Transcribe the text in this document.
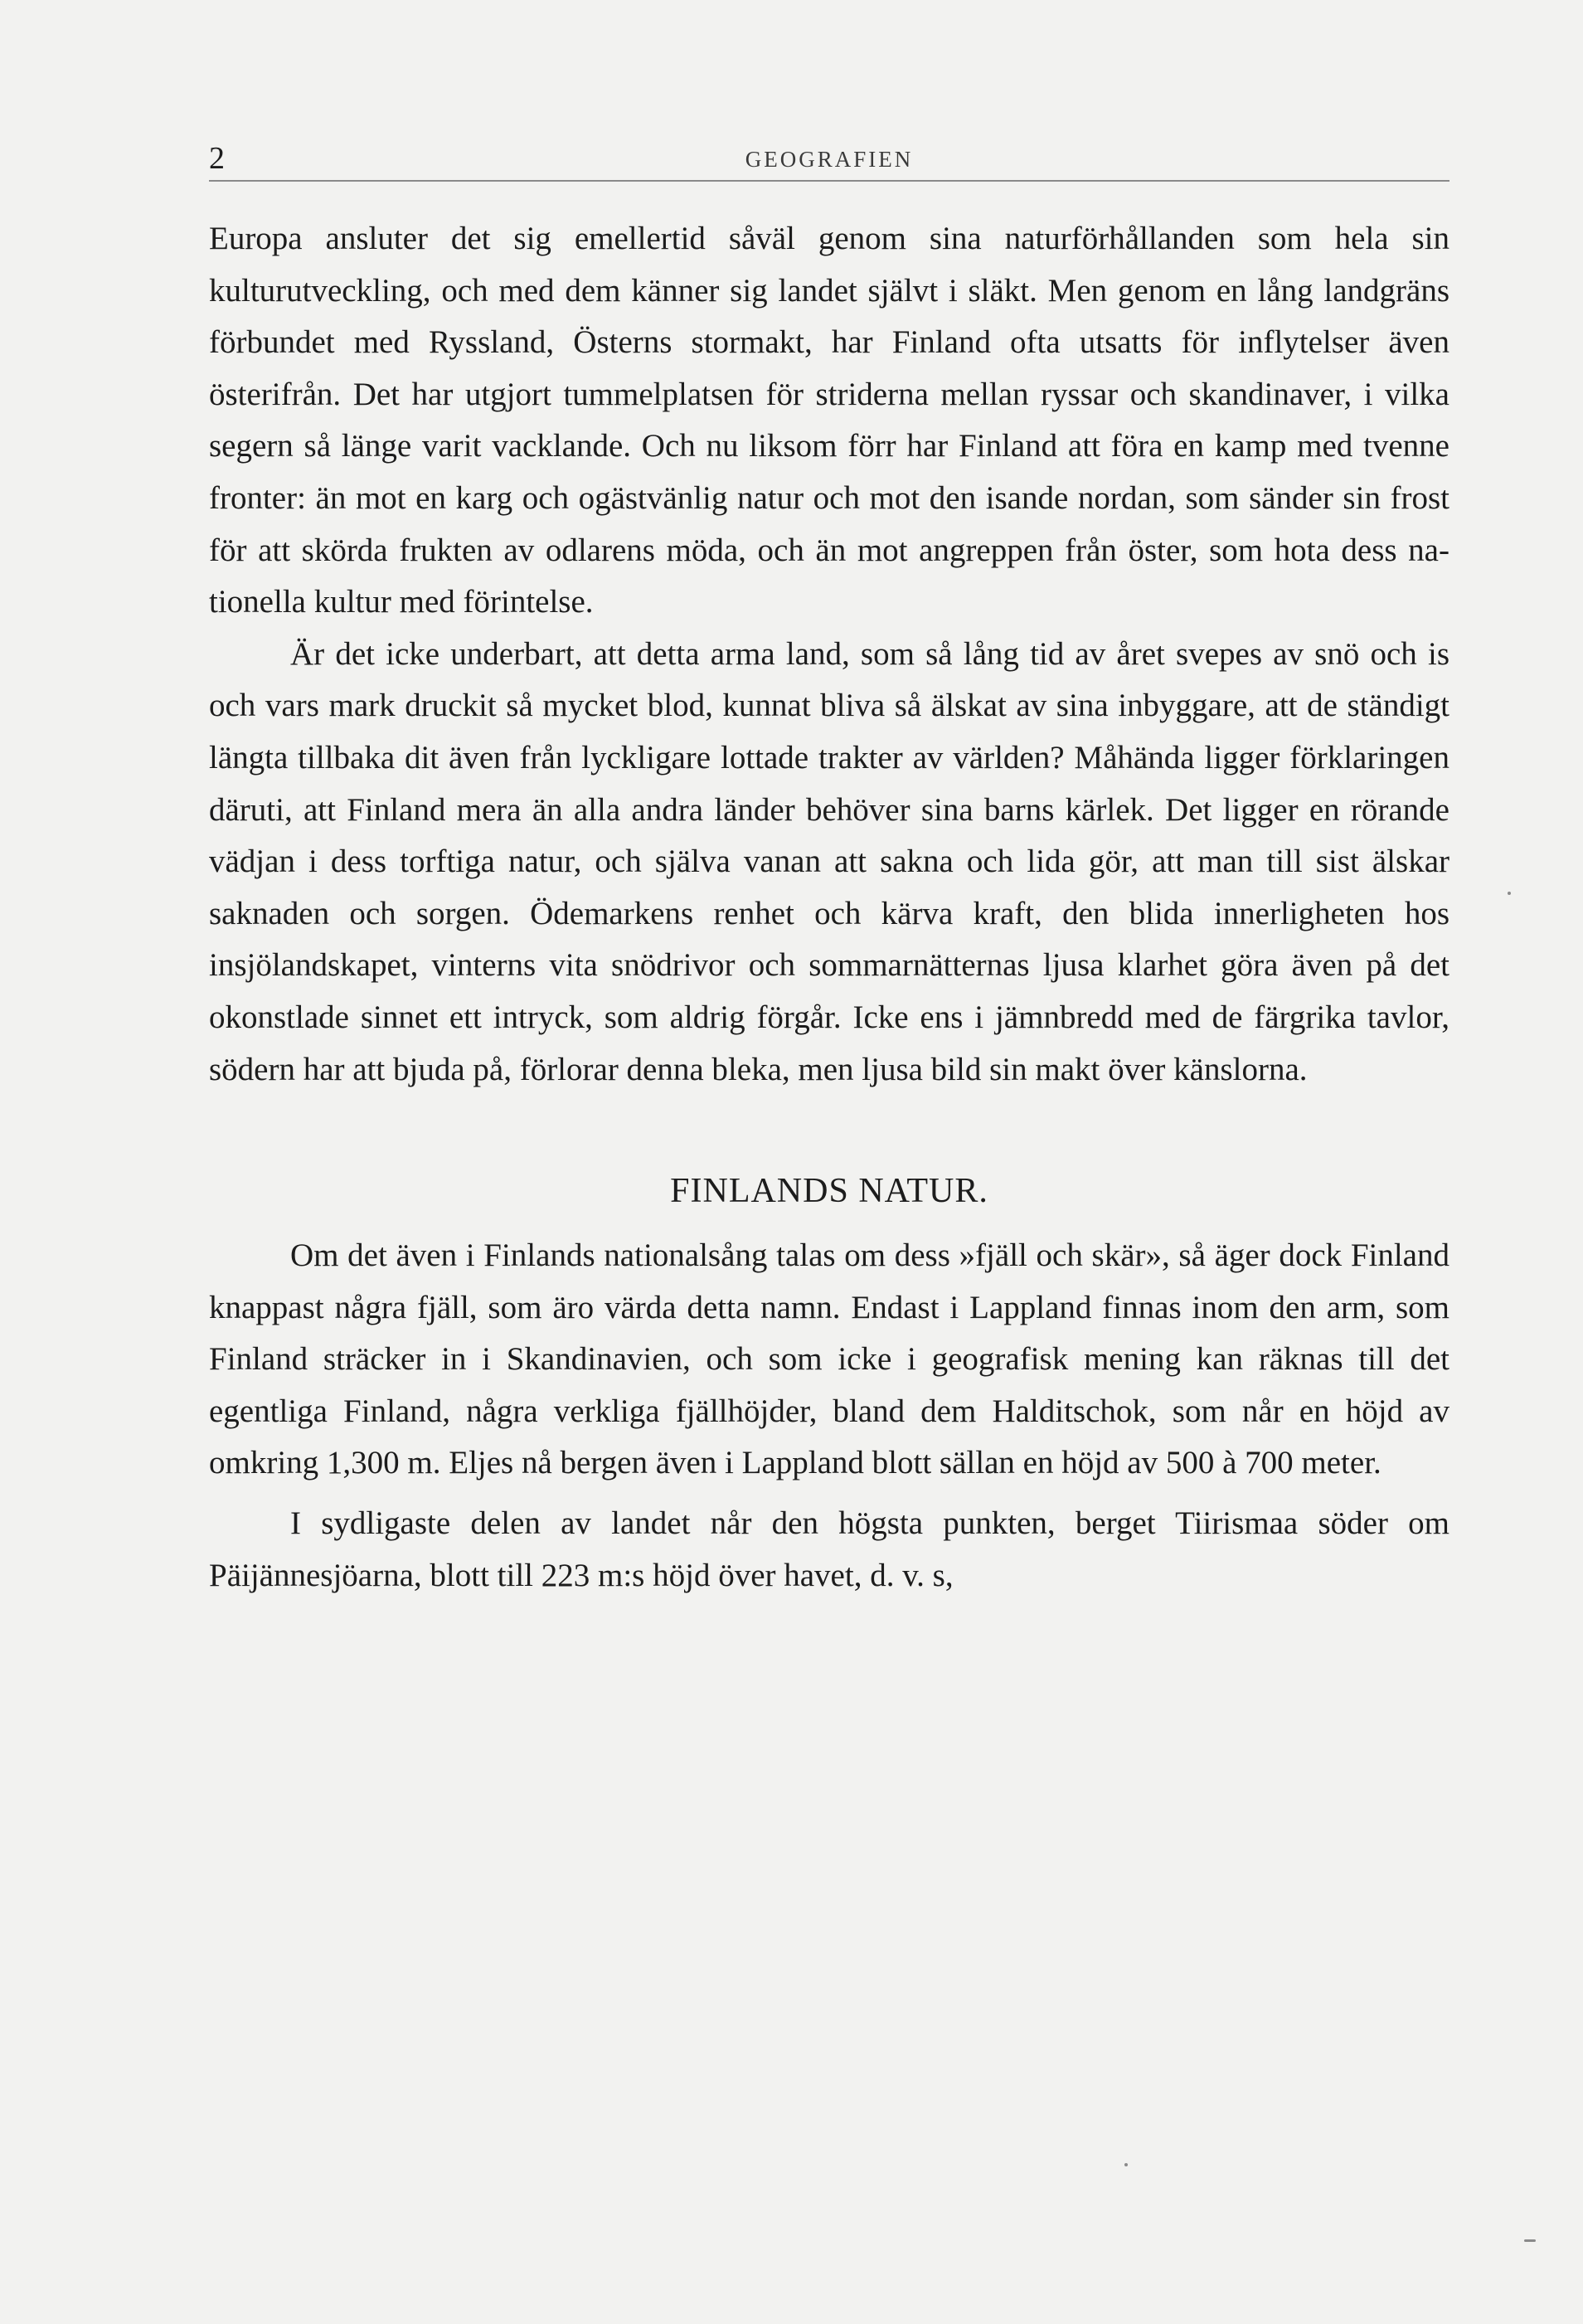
2	GEOGRAFIEN

Europa ansluter det sig emellertid såväl genom sina naturförhållanden som hela sin kulturutveckling, och med dem känner sig landet självt i släkt. Men genom en lång landgräns förbundet med Ryssland, Österns stormakt, har Finland ofta utsatts för inflytelser även österifrån. Det har utgjort tummelplatsen för striderna mellan ryssar och skandinaver, i vilka segern så länge varit vacklande. Och nu liksom förr har Finland att föra en kamp med tvenne fronter: än mot en karg och ogästvänlig natur och mot den isande nordan, som sänder sin frost för att skörda frukten av odlarens möda, och än mot angreppen från öster, som hota dess nationella kultur med förintelse.

Är det icke underbart, att detta arma land, som så lång tid av året svepes av snö och is och vars mark druckit så mycket blod, kunnat bliva så älskat av sina inbyggare, att de ständigt längta tillbaka dit även från lyckligare lottade trakter av världen? Måhända ligger förklaringen däruti, att Finland mera än alla andra länder behöver sina barns kärlek. Det ligger en rörande vädjan i dess torftiga natur, och själva vanan att sakna och lida gör, att man till sist älskar saknaden och sorgen. Ödemarkens renhet och kärva kraft, den blida innerligheten hos insjölandskapet, vinterns vita snödrivor och sommarnätternas ljusa klarhet göra även på det okonstlade sinnet ett intryck, som aldrig förgår. Icke ens i jämnbredd med de färgrika tavlor, södern har att bjuda på, förlorar denna bleka, men ljusa bild sin makt över känslorna.

FINLANDS NATUR.

Om det även i Finlands nationalsång talas om dess »fjäll och skär», så äger dock Finland knappast några fjäll, som äro värda detta namn. Endast i Lappland finnas inom den arm, som Finland sträcker in i Skandinavien, och som icke i geografisk mening kan räknas till det egentliga Finland, några verkliga fjällhöjder, bland dem Halditschok, som når en höjd av omkring 1,300 m. Eljes nå bergen även i Lappland blott sällan en höjd av 500 à 700 meter.

I sydligaste delen av landet når den högsta punkten, berget Tiirismaa söder om Päijännesjöarna, blott till 223 m:s höjd över havet, d. v. s,
